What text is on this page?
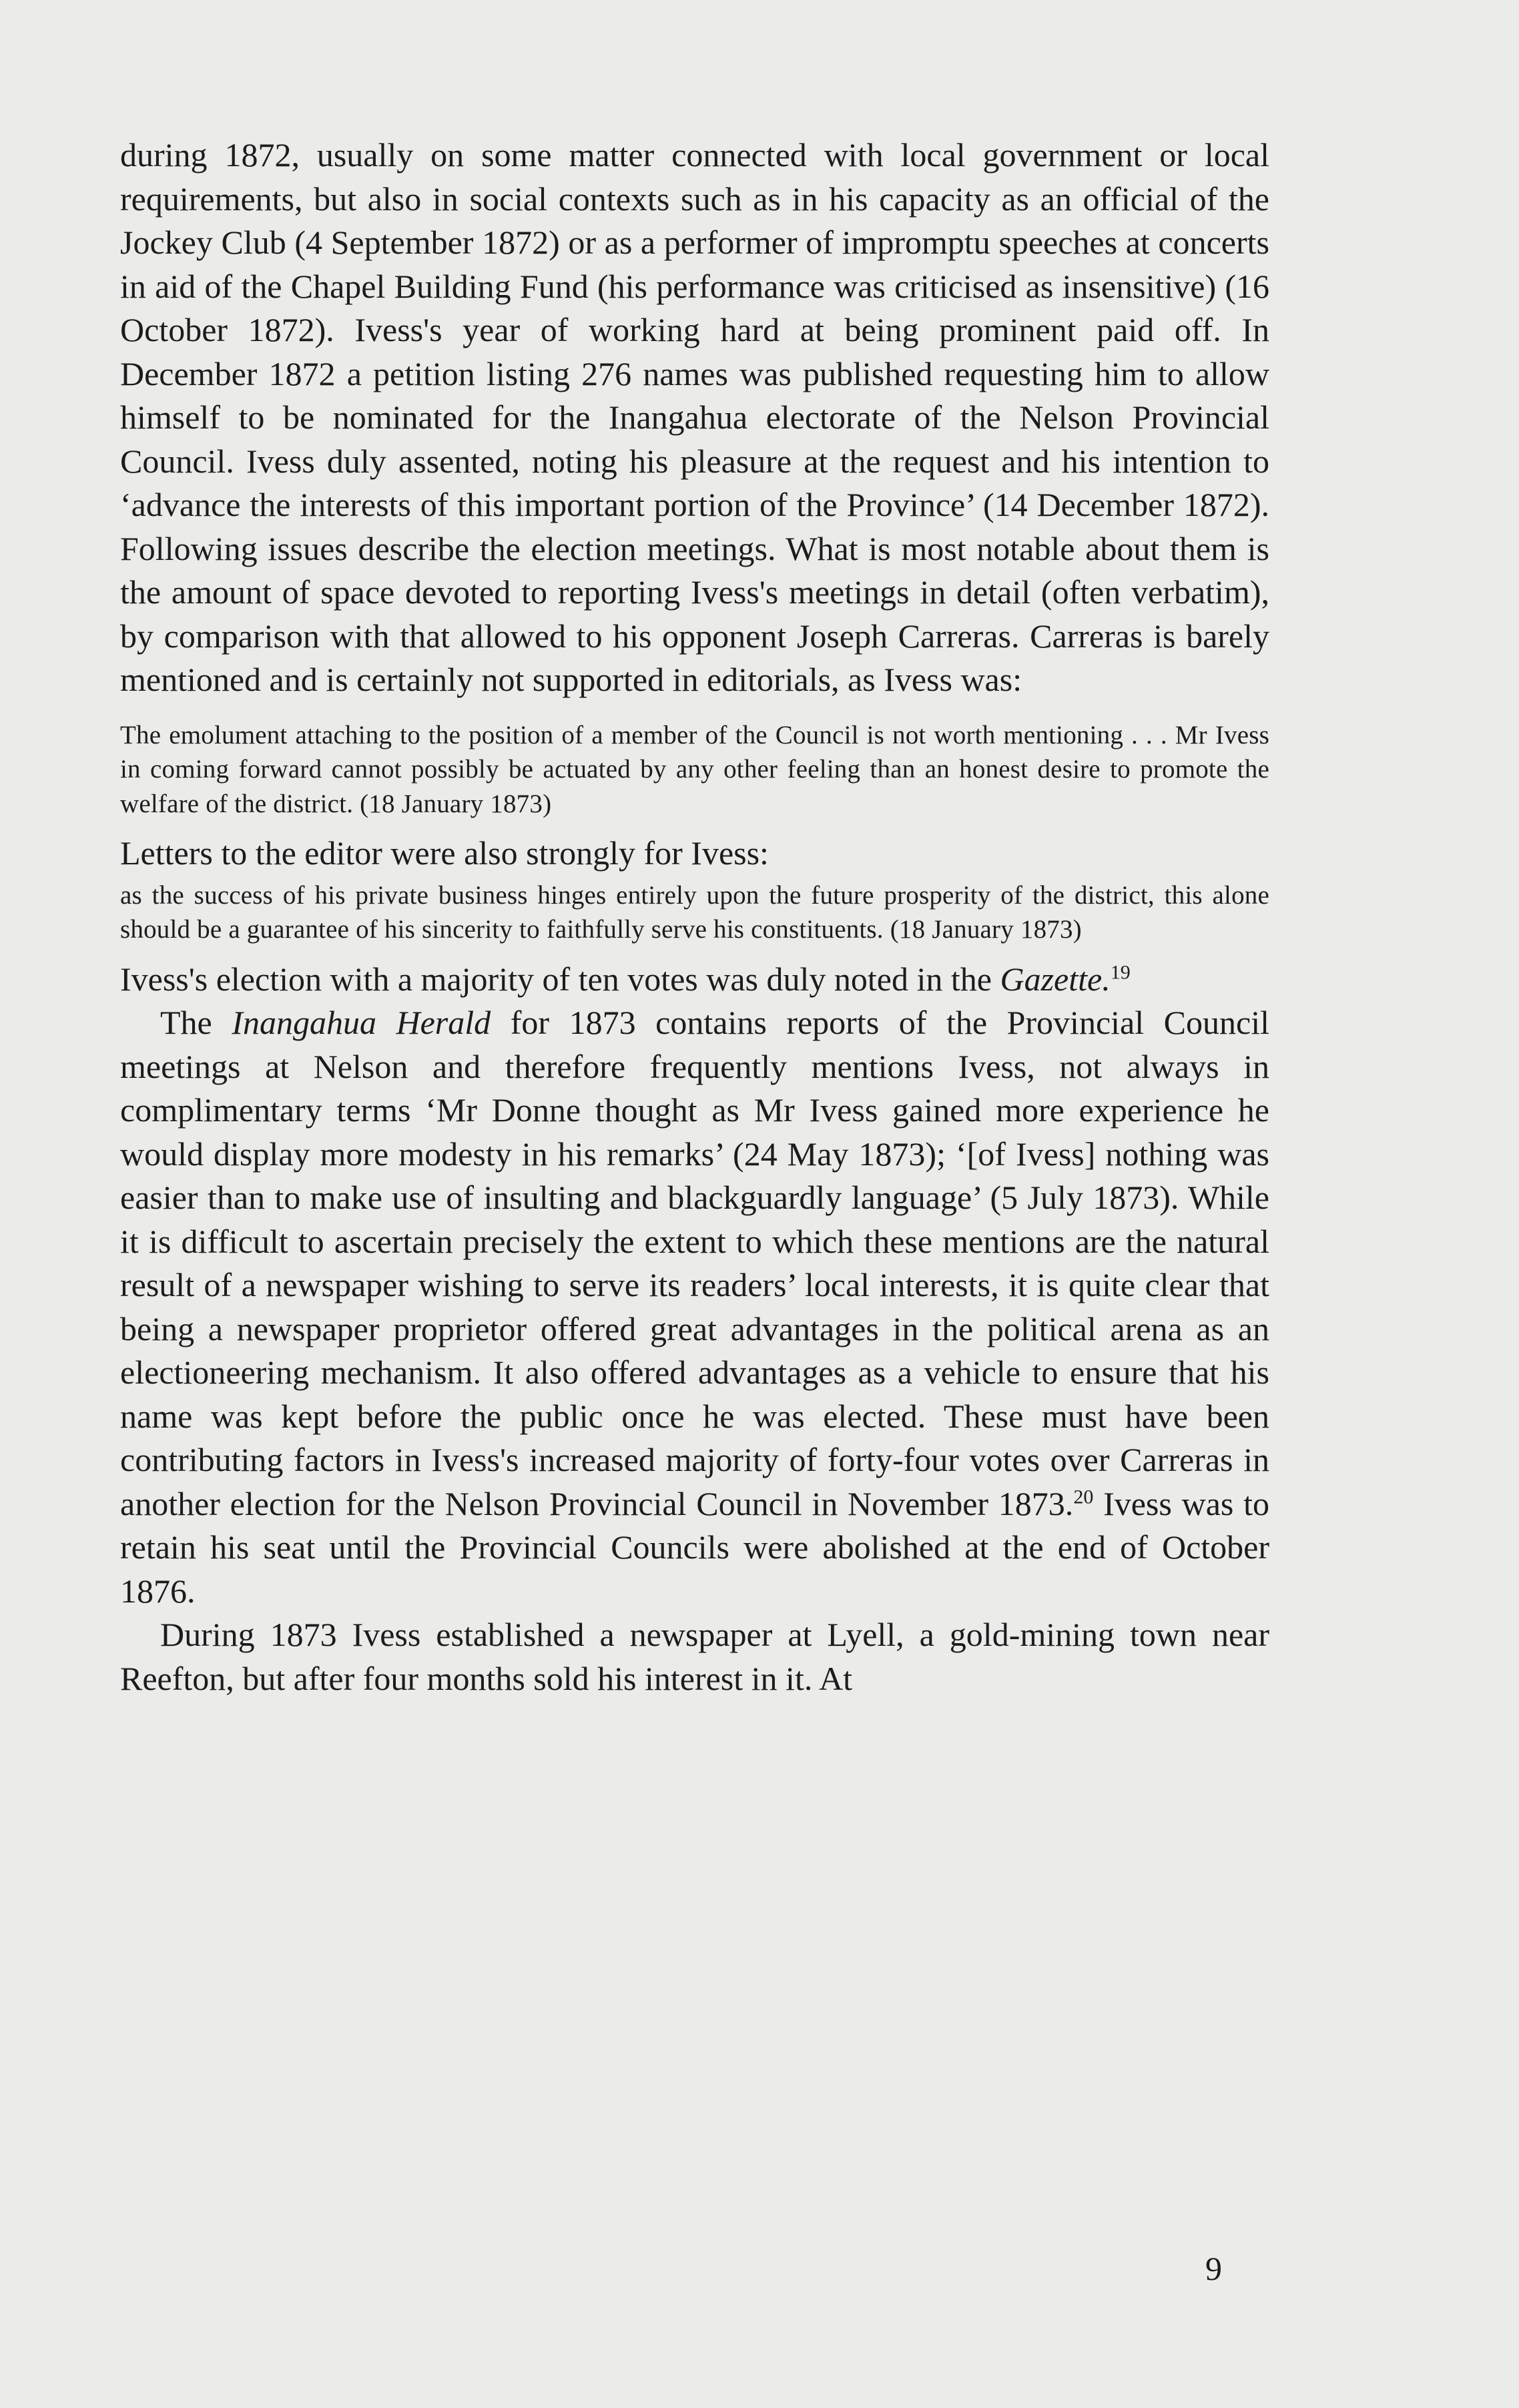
during 1872, usually on some matter connected with local government or local requirements, but also in social contexts such as in his capacity as an official of the Jockey Club (4 September 1872) or as a performer of impromptu speeches at concerts in aid of the Chapel Building Fund (his performance was criticised as insensitive) (16 October 1872). Ivess's year of working hard at being prominent paid off. In December 1872 a petition listing 276 names was published requesting him to allow himself to be nominated for the Inangahua electorate of the Nelson Provincial Council. Ivess duly assented, noting his pleasure at the request and his intention to ‘advance the interests of this important portion of the Province’ (14 December 1872). Following issues describe the election meetings. What is most notable about them is the amount of space devoted to reporting Ivess's meetings in detail (often verbatim), by comparison with that allowed to his opponent Joseph Carreras. Carreras is barely mentioned and is certainly not supported in editorials, as Ivess was:

The emolument attaching to the position of a member of the Council is not worth mentioning . . . Mr Ivess in coming forward cannot possibly be actuated by any other feeling than an honest desire to promote the welfare of the district. (18 January 1873)

Letters to the editor were also strongly for Ivess:

as the success of his private business hinges entirely upon the future prosperity of the district, this alone should be a guarantee of his sincerity to faithfully serve his constituents. (18 January 1873)

Ivess's election with a majority of ten votes was duly noted in the Gazette.$^{19}$

The Inangahua Herald for 1873 contains reports of the Provincial Council meetings at Nelson and therefore frequently mentions Ivess, not always in complimentary terms ‘Mr Donne thought as Mr Ivess gained more experience he would display more modesty in his remarks’ (24 May 1873); ‘[of Ivess] nothing was easier than to make use of insulting and blackguardly language’ (5 July 1873). While it is difficult to ascertain precisely the extent to which these mentions are the natural result of a newspaper wishing to serve its readers’ local interests, it is quite clear that being a newspaper proprietor offered great advantages in the political arena as an electioneering mechanism. It also offered advantages as a vehicle to ensure that his name was kept before the public once he was elected. These must have been contributing factors in Ivess's increased majority of forty-four votes over Carreras in another election for the Nelson Provincial Council in November 1873.20 Ivess was to retain his seat until the Provincial Councils were abolished at the end of October 1876.

During 1873 Ivess established a newspaper at Lyell, a gold-mining town near Reefton, but after four months sold his interest in it. At

9
